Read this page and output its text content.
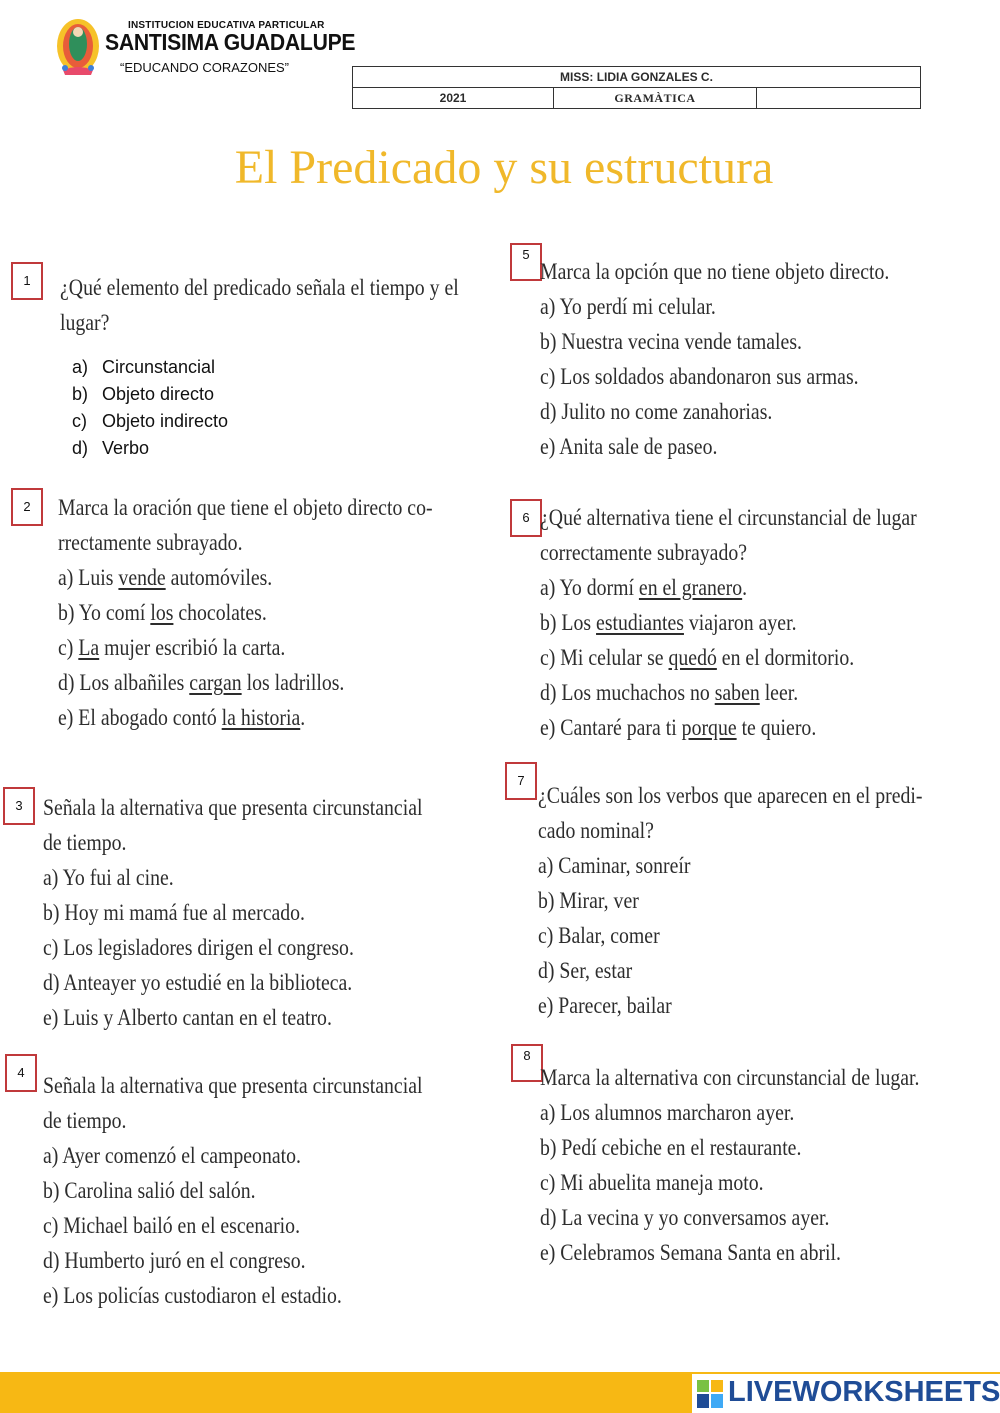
INSTITUCION EDUCATIVA PARTICULAR
SANTISIMA GUADALUPE
“EDUCANDO CORAZONES”
MISS: LIDIA GONZALES C.
2021	GRAMÀTICA	
El Predicado y su estructura
1	¿Qué elemento del predicado señala el tiempo y el
lugar?
a) Circunstancial
b) Objeto directo
c) Objeto indirecto
d) Verbo
2	Marca la oración que tiene el objeto directo co-
rrectamente subrayado.
a) Luis vende automóviles.
b) Yo comí los chocolates.
c) La mujer escribió la carta.
d) Los albañiles cargan los ladrillos.
e) El abogado contó la historia.
3 Señala la alternativa que presenta circunstancial
de tiempo.
a) Yo fui al cine.
b) Hoy mi mamá fue al mercado.
c) Los legisladores dirigen el congreso.
d) Anteayer yo estudié en la biblioteca.
e) Luis y Alberto cantan en el teatro.
4
Señala la alternativa que presenta circunstancial
de tiempo.
a) Ayer comenzó el campeonato.
b) Carolina salió del salón.
c) Michael bailó en el escenario.
d) Humberto juró en el congreso.
e) Los policías custodiaron el estadio.
5
Marca la opción que no tiene objeto directo.
a) Yo perdí mi celular.
b) Nuestra vecina vende tamales.
c) Los soldados abandonaron sus armas.
d) Julito no come zanahorias.
e) Anita sale de paseo.
6 ¿Qué alternativa tiene el circunstancial de lugar
correctamente subrayado?
a) Yo dormí en el granero.
b) Los estudiantes viajaron ayer.
c) Mi celular se quedó en el dormitorio.
d) Los muchachos no saben leer.
e) Cantaré para ti porque te quiero.
7
¿Cuáles son los verbos que aparecen en el predi-
cado nominal?
a) Caminar, sonreír
b) Mirar, ver
c) Balar, comer
d) Ser, estar
e) Parecer, bailar
8
Marca la alternativa con circunstancial de lugar.
a) Los alumnos marcharon ayer.
b) Pedí cebiche en el restaurante.
c) Mi abuelita maneja moto.
d) La vecina y yo conversamos ayer.
e) Celebramos Semana Santa en abril.
LIVEWORKSHEETS
